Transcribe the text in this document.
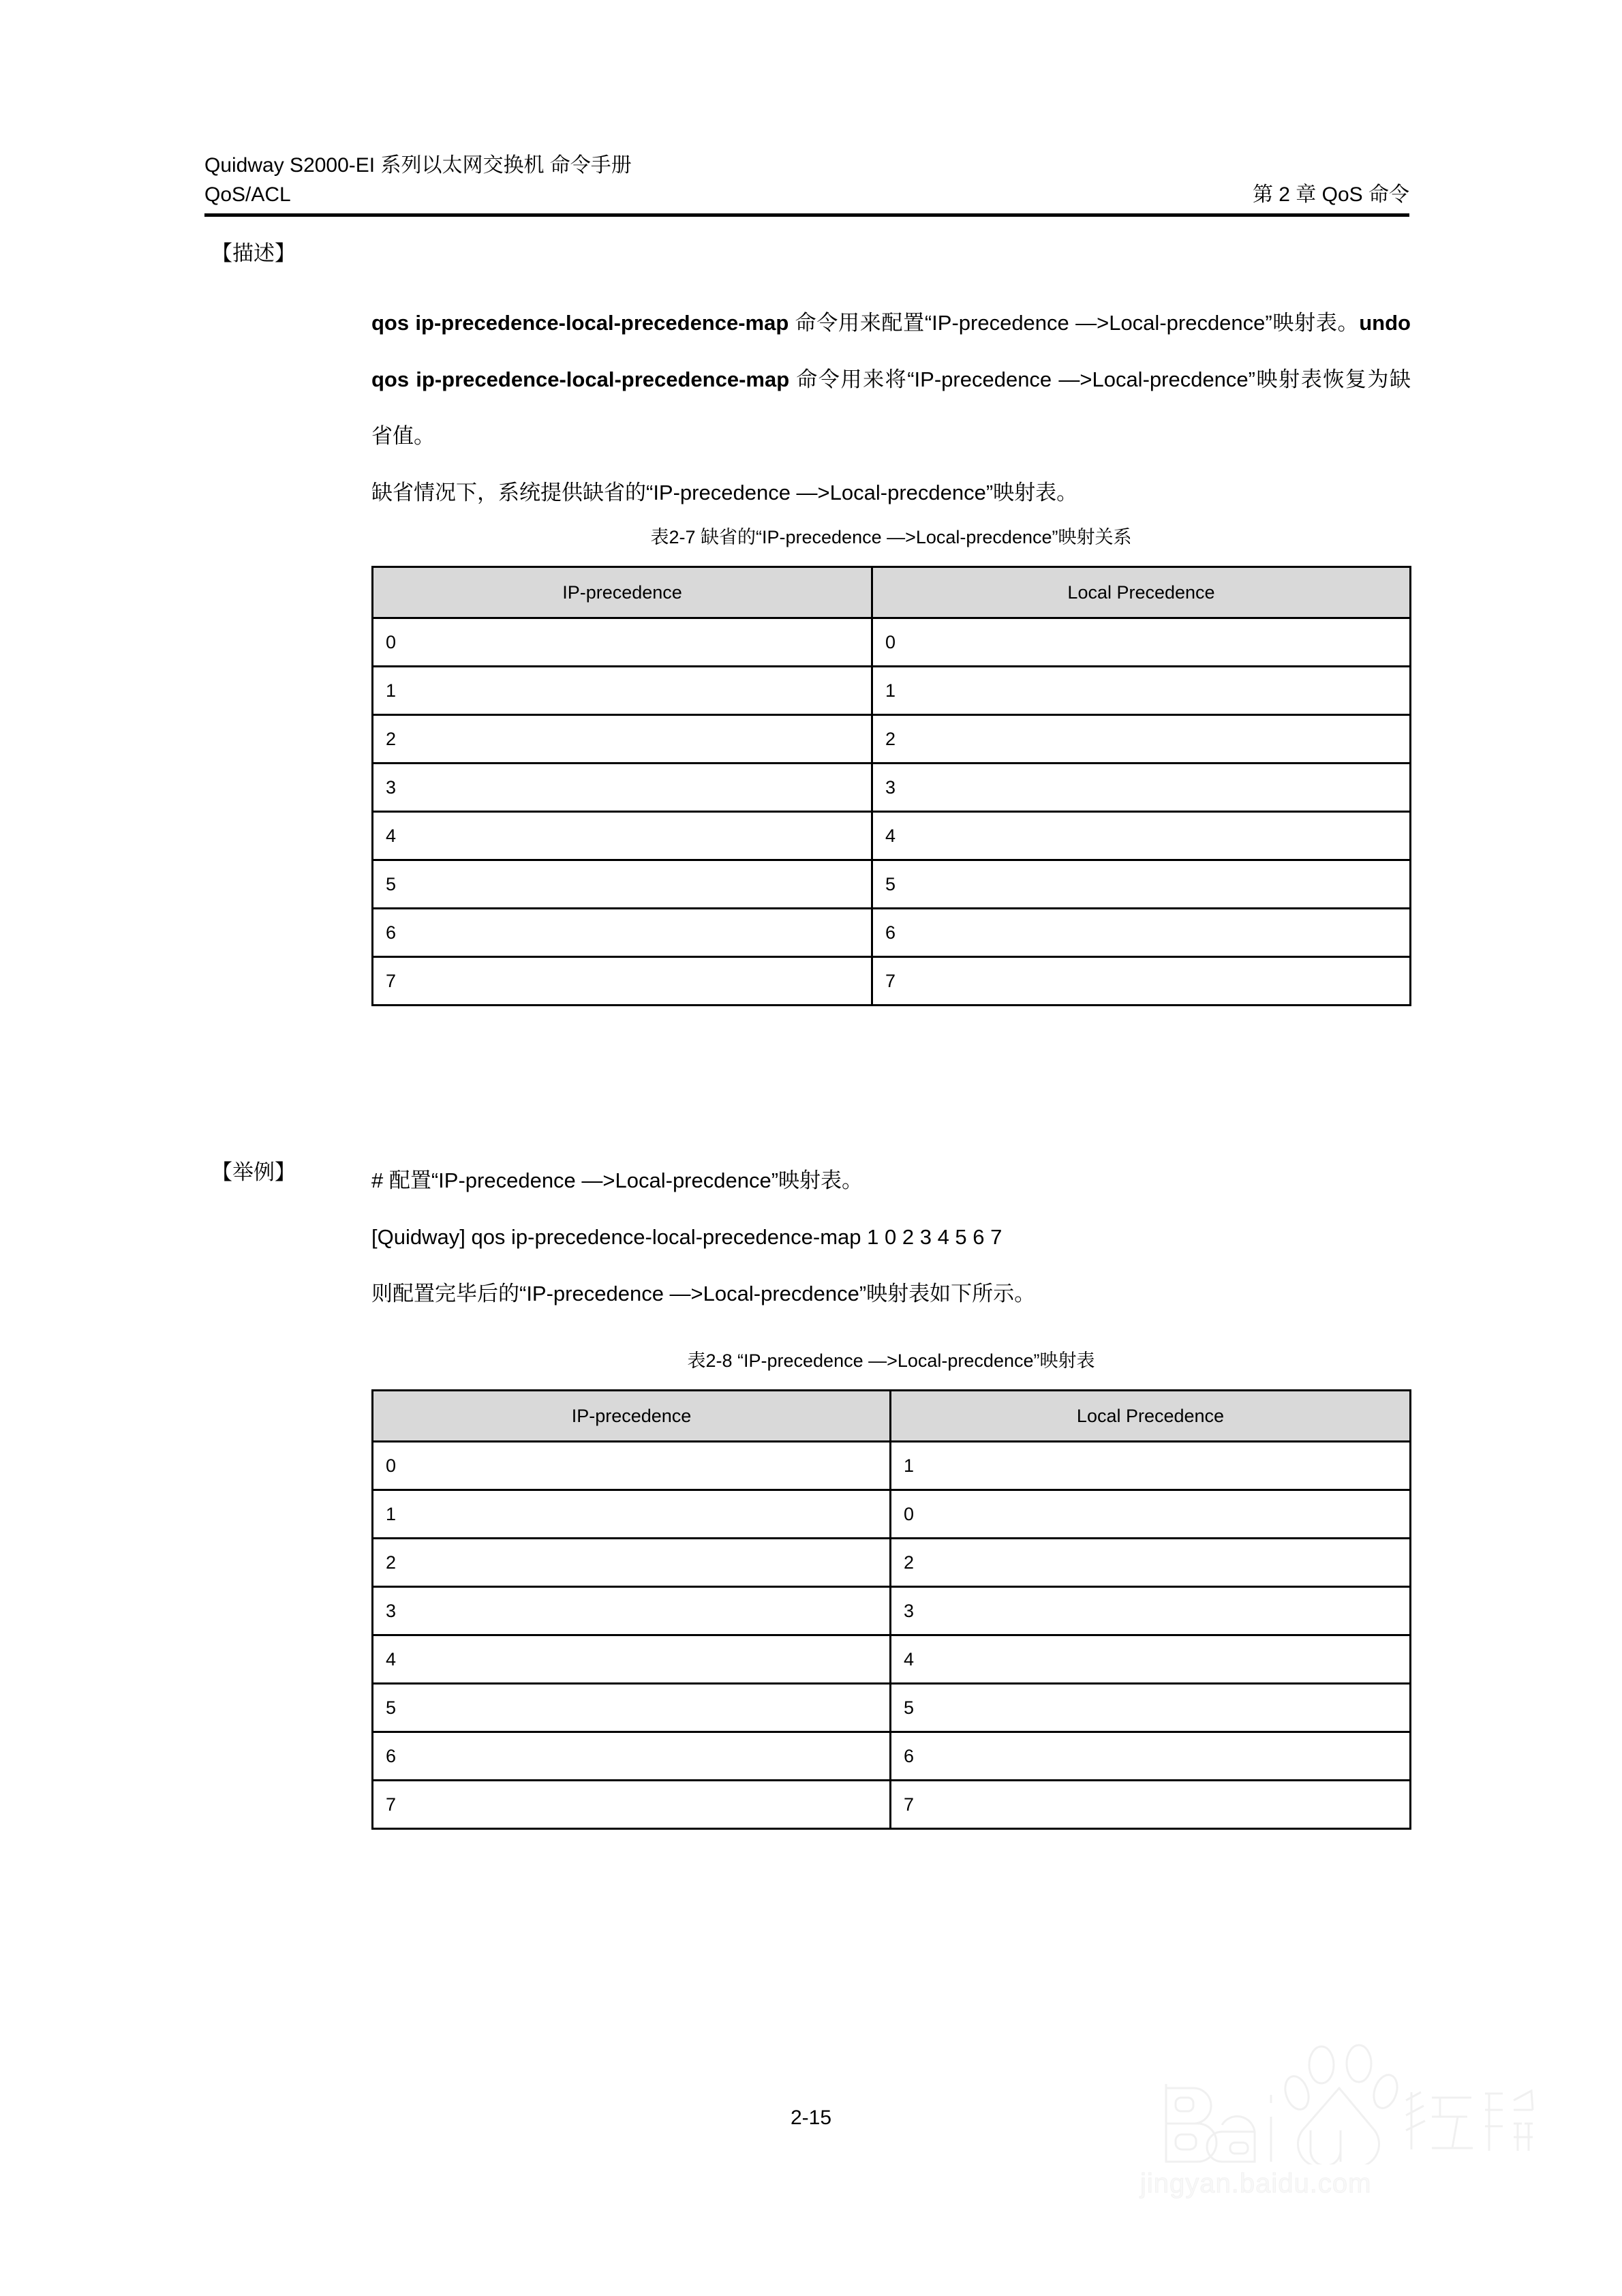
Quidway S2000-EI 系列以太网交换机 命令手册
QoS/ACL	第 2 章 QoS 命令
【描述】
qos ip-precedence-local-precedence-map 命令用来配置“IP-precedence —>Local-precdence”映射表。undo qos ip-precedence-local-precedence-map 命令用来将“IP-precedence —>Local-precdence”映射表恢复为缺省值。
缺省情况下，系统提供缺省的“IP-precedence —>Local-precdence”映射表。
表2-7 缺省的“IP-precedence —>Local-precdence”映射关系
IP-precedence	Local Precedence
0	0
1	1
2	2
3	3
4	4
5	5
6	6
7	7
【举例】	# 配置“IP-precedence —>Local-precdence”映射表。
[Quidway] qos ip-precedence-local-precedence-map 1 0 2 3 4 5 6 7
则配置完毕后的“IP-precedence —>Local-precdence”映射表如下所示。
表2-8 “IP-precedence —>Local-precdence”映射表
IP-precedence	Local Precedence
0	1
1	0
2	2
3	3
4	4
5	5
6	6
7	7
2-15
jingyan.baidu.com
